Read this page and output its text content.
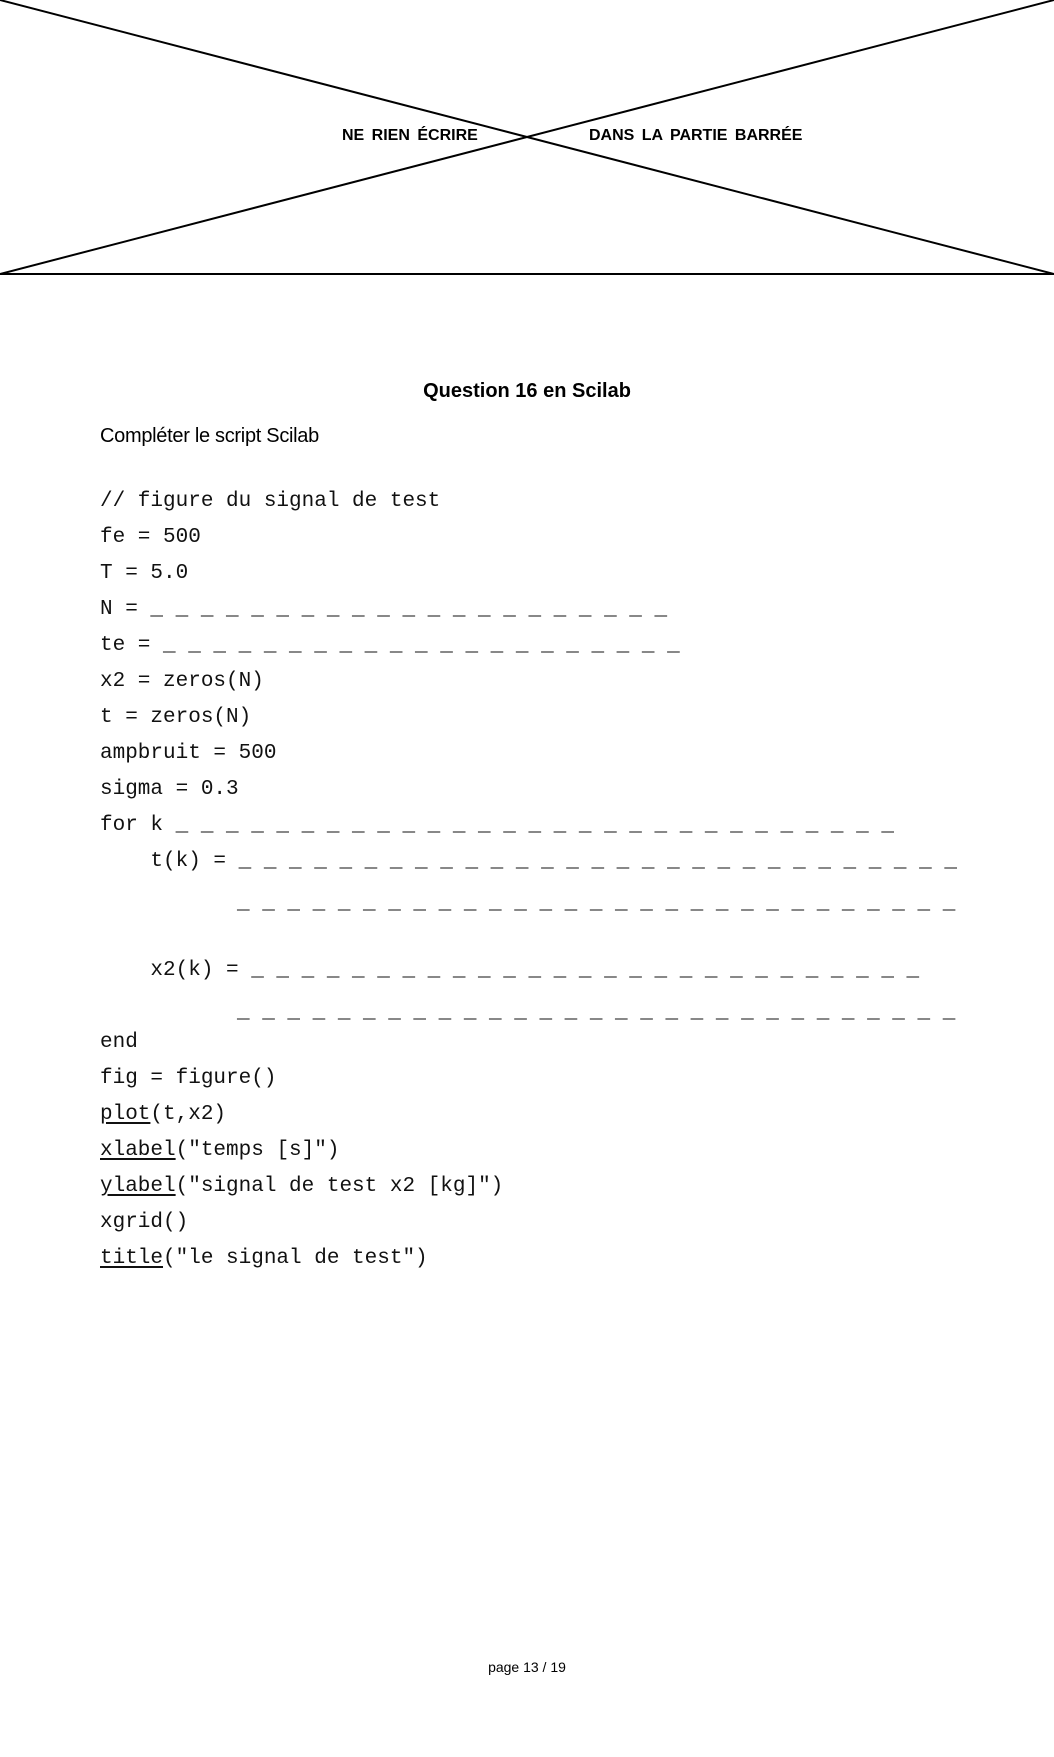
NE RIEN ÉCRIRE	DANS LA PARTIE BARRÉE
Question 16 en Scilab
Compléter le script Scilab
// figure du signal de test
fe = 500
T = 5.0
N = _ _ _ _ _ _ _ _ _ _ _ _ _ _ _ _ _ _ _ _ _
te = _ _ _ _ _ _ _ _ _ _ _ _ _ _ _ _ _ _ _ _ _
x2 = zeros(N)
t = zeros(N)
ampbruit = 500
sigma = 0.3
for k _ _ _ _ _ _ _ _ _ _ _ _ _ _ _ _ _ _ _ _ _ _ _ _ _ _ _ _ _
t(k) = _ _ _ _ _ _ _ _ _ _ _ _ _ _ _ _ _ _ _ _ _ _ _ _ _ _ _ _ _
_ _ _ _ _ _ _ _ _ _ _ _ _ _ _ _ _ _ _ _ _ _ _ _ _ _ _ _ _
x2(k) = _ _ _ _ _ _ _ _ _ _ _ _ _ _ _ _ _ _ _ _ _ _ _ _ _ _ _
_ _ _ _ _ _ _ _ _ _ _ _ _ _ _ _ _ _ _ _ _ _ _ _ _ _ _ _ _
end
fig = figure()
plot(t,x2)
xlabel("temps [s]")
ylabel("signal de test x2 [kg]")
xgrid()
title("le signal de test")
page 13 / 19
